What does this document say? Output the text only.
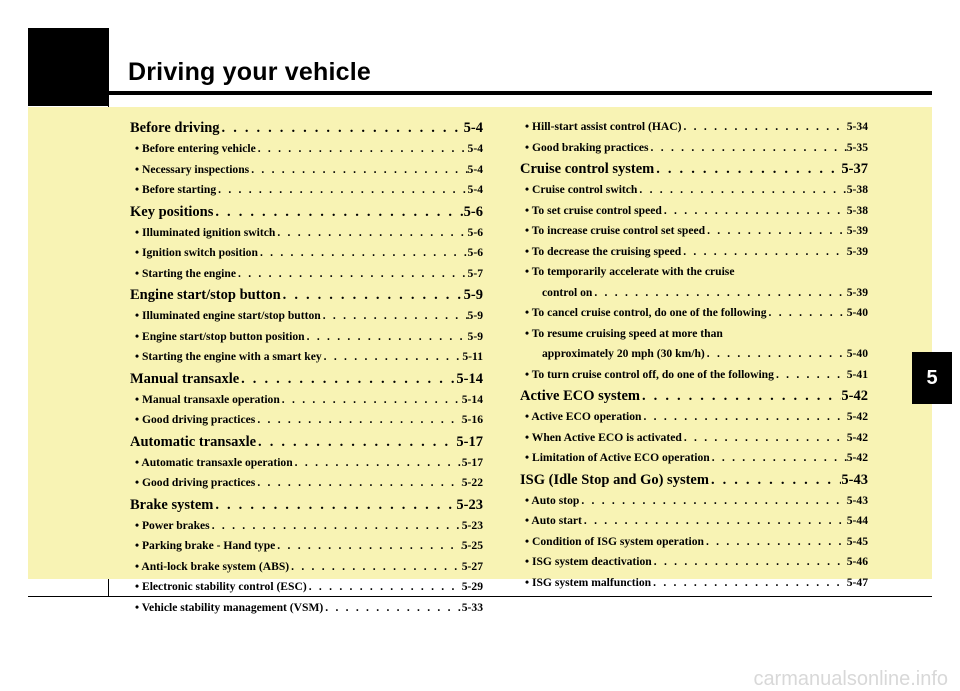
Driving your vehicle
5
Before driving . . .	5-4
• Before entering vehicle . . .	5-4
• Necessary inspections . . .	5-4
• Before starting . . .	5-4
Key positions . . .	5-6
• Illuminated ignition switch . . .	5-6
• Ignition switch position . . .	5-6
• Starting the engine . . .	5-7
Engine start/stop button . . .	5-9
• Illuminated engine start/stop button . . .	5-9
• Engine start/stop button position . . .	5-9
• Starting the engine with a smart key . . .	5-11
Manual transaxle . . .	5-14
• Manual transaxle operation . . .	5-14
• Good driving practices . . .	5-16
Automatic transaxle . . .	5-17
• Automatic transaxle operation . . .	5-17
• Good driving practices . . .	5-22
Brake system . . .	5-23
• Power brakes . . .	5-23
• Parking brake - Hand type . . .	5-25
• Anti-lock brake system (ABS) . . .	5-27
• Electronic stability control (ESC) . . .	5-29
• Vehicle stability management (VSM) . . .	5-33
• Hill-start assist control (HAC) . . .	5-34
• Good braking practices . . .	5-35
Cruise control system . . .	5-37
• Cruise control switch . . .	5-38
• To set cruise control speed . . .	5-38
• To increase cruise control set speed . . .	5-39
• To decrease the cruising speed . . .	5-39
• To temporarily accelerate with the cruise
control on . . .	5-39
• To cancel cruise control, do one of the following . . .	5-40
• To resume cruising speed at more than
approximately 20 mph (30 km/h) . . .	5-40
• To turn cruise control off, do one of the following . . .	5-41
Active ECO system . . .	5-42
• Active ECO operation . . .	5-42
• When Active ECO is activated . . .	5-42
• Limitation of Active ECO operation . . .	5-42
ISG (Idle Stop and Go) system . . .	5-43
• Auto stop . . .	5-43
• Auto start . . .	5-44
• Condition of ISG system operation . . .	5-45
• ISG system deactivation . . .	5-46
• ISG system malfunction . . .	5-47
carmanualsonline.info
